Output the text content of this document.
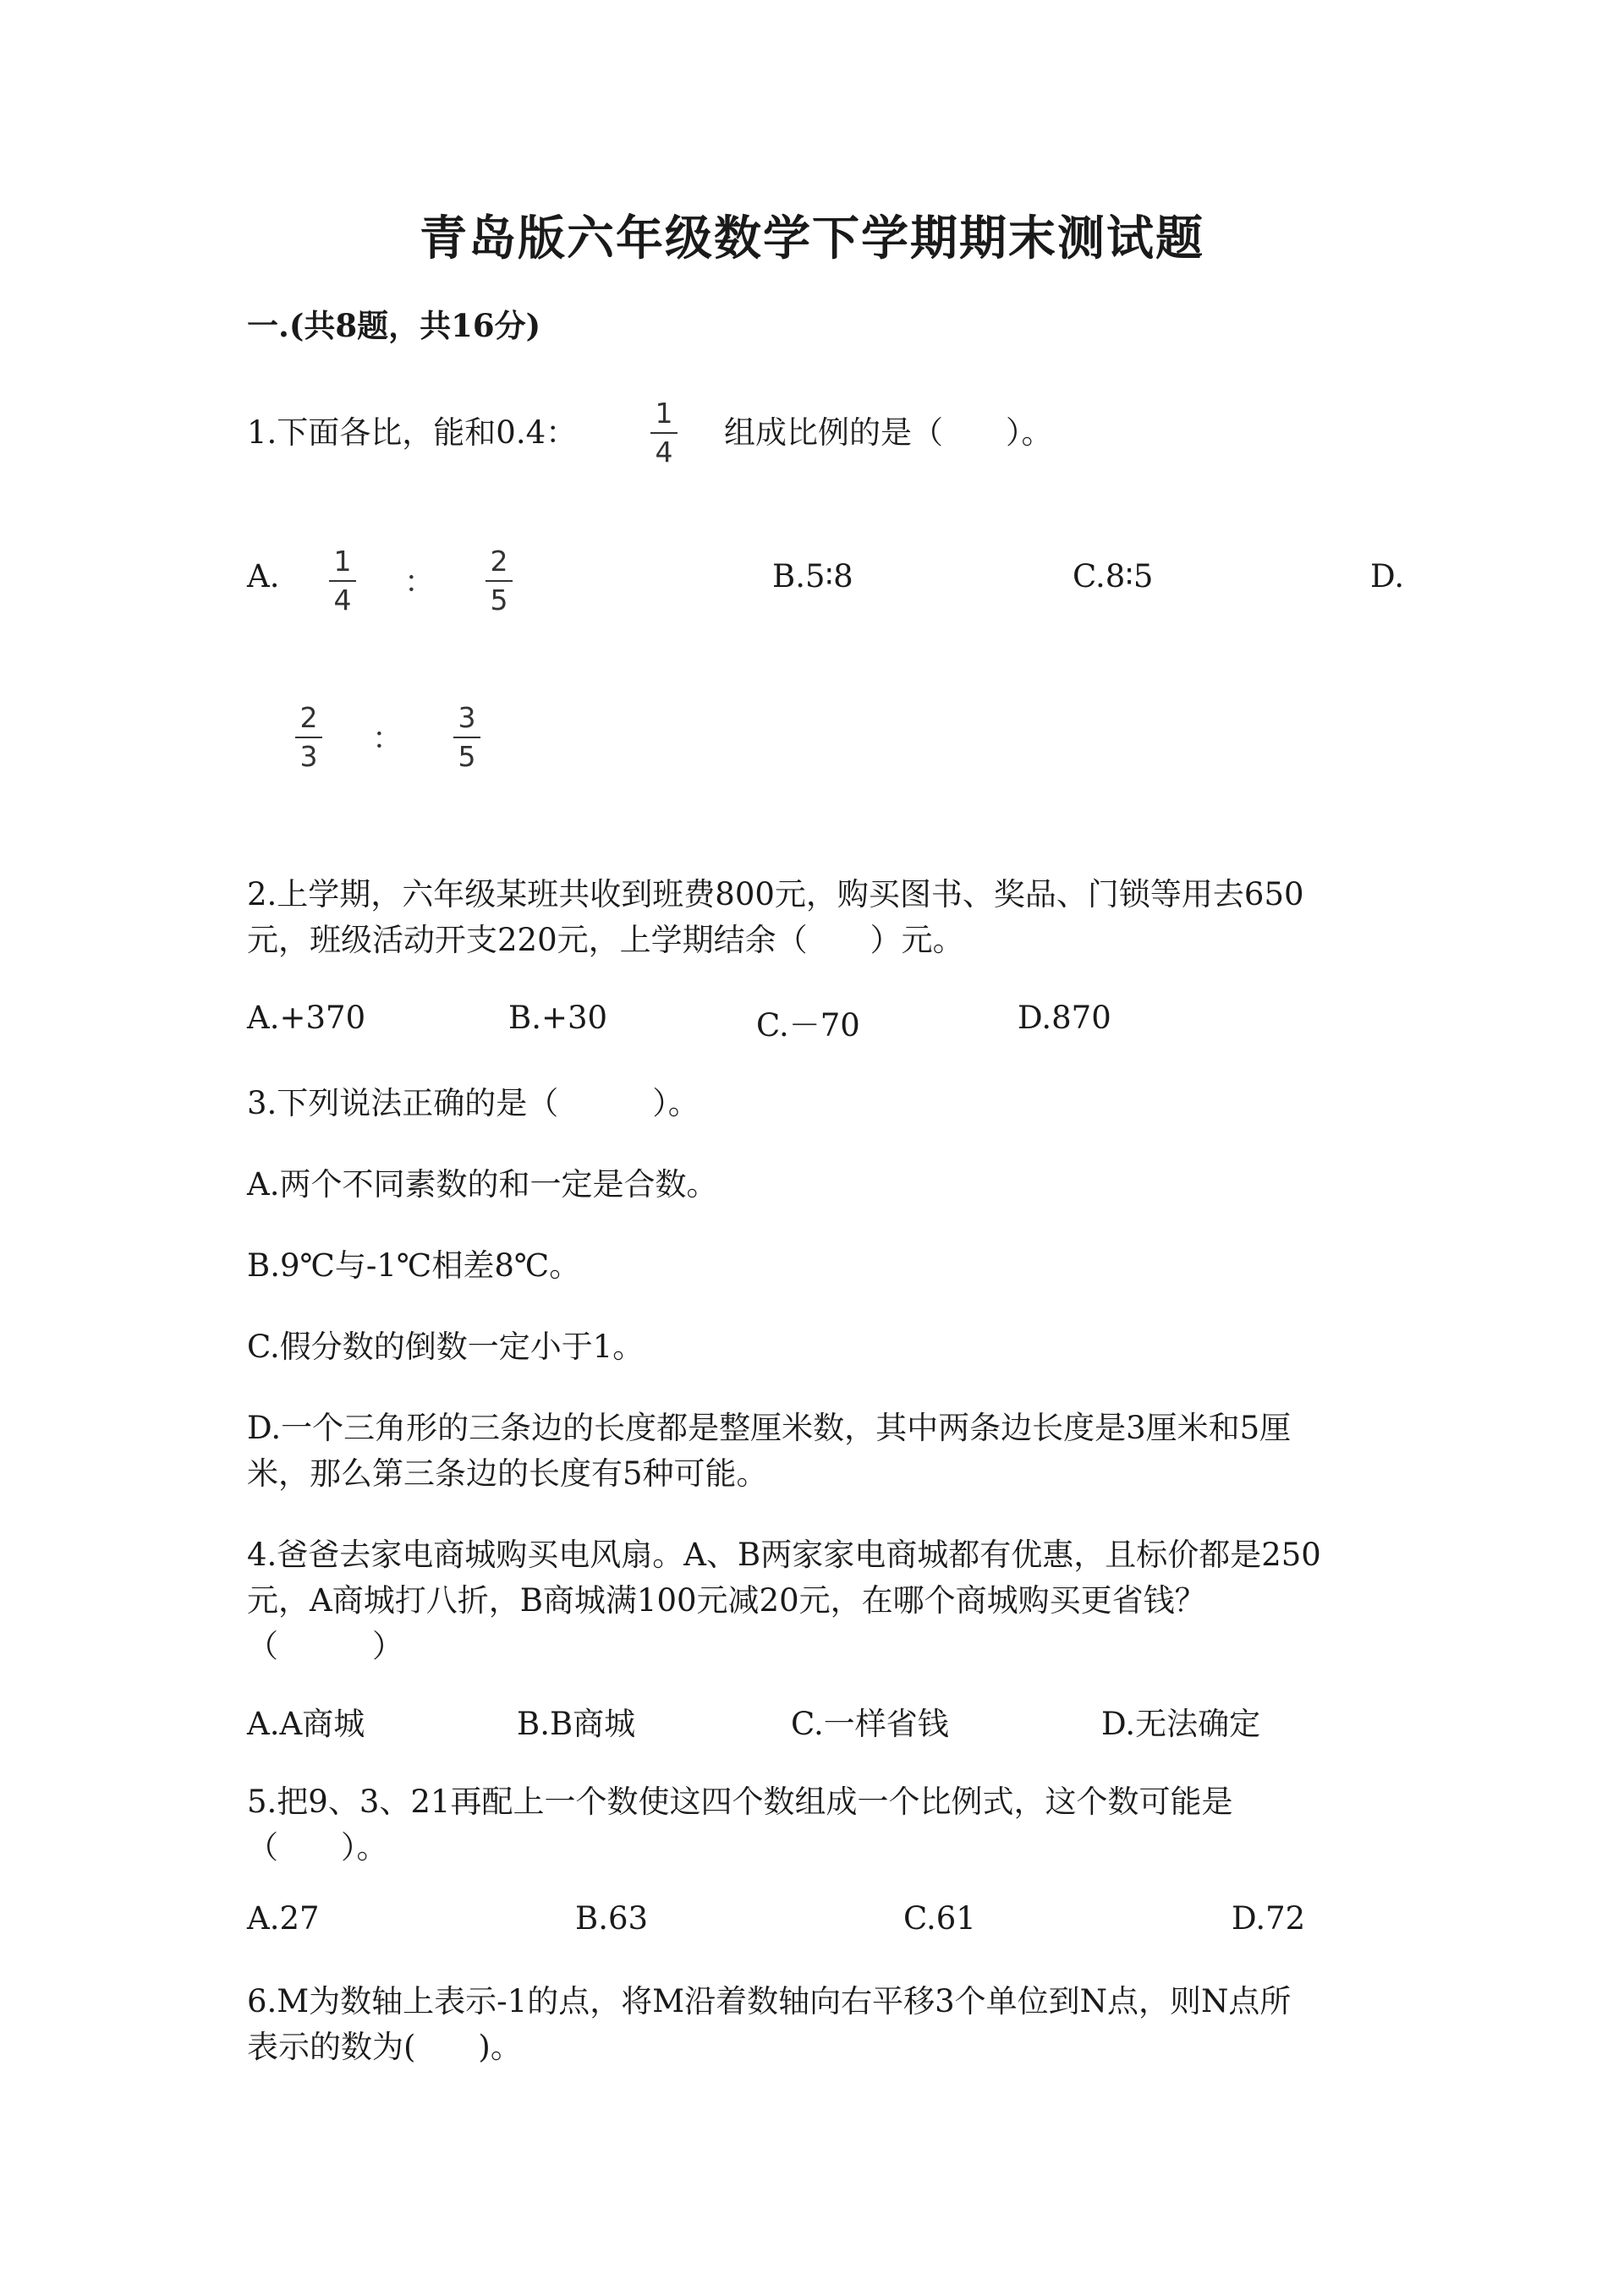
青岛版六年级数学下学期期末测试题
一.(共8题，共16分)
1.下面各比，能和0.4：
1
4
组成比例的是（　　）。
A. 1
4
：
2
5
B.5∶8	C.8∶5	D.
2
3
：
3
5
2.上学期，六年级某班共收到班费800元，购买图书、奖品、门锁等用去650
元，班级活动开支220元，上学期结余（　　）元。
A.+370	B.+30	C.－70	D.870
3.下列说法正确的是（　　　）。
A.两个不同素数的和一定是合数。
B.9℃与-1℃相差8℃。
C.假分数的倒数一定小于1。
D.一个三角形的三条边的长度都是整厘米数，其中两条边长度是3厘米和5厘
米，那么第三条边的长度有5种可能。
4.爸爸去家电商城购买电风扇。A、B两家家电商城都有优惠，且标价都是250
元，A商城打八折，B商城满100元减20元，在哪个商城购买更省钱？
（　　　）
A.A商城	B.B商城	C.一样省钱	D.无法确定
5.把9、3、21再配上一个数使这四个数组成一个比例式，这个数可能是
（　　）。
A.27	B.63	C.61	D.72
6.M为数轴上表示-1的点，将M沿着数轴向右平移3个单位到N点，则N点所
表示的数为(　　)。
